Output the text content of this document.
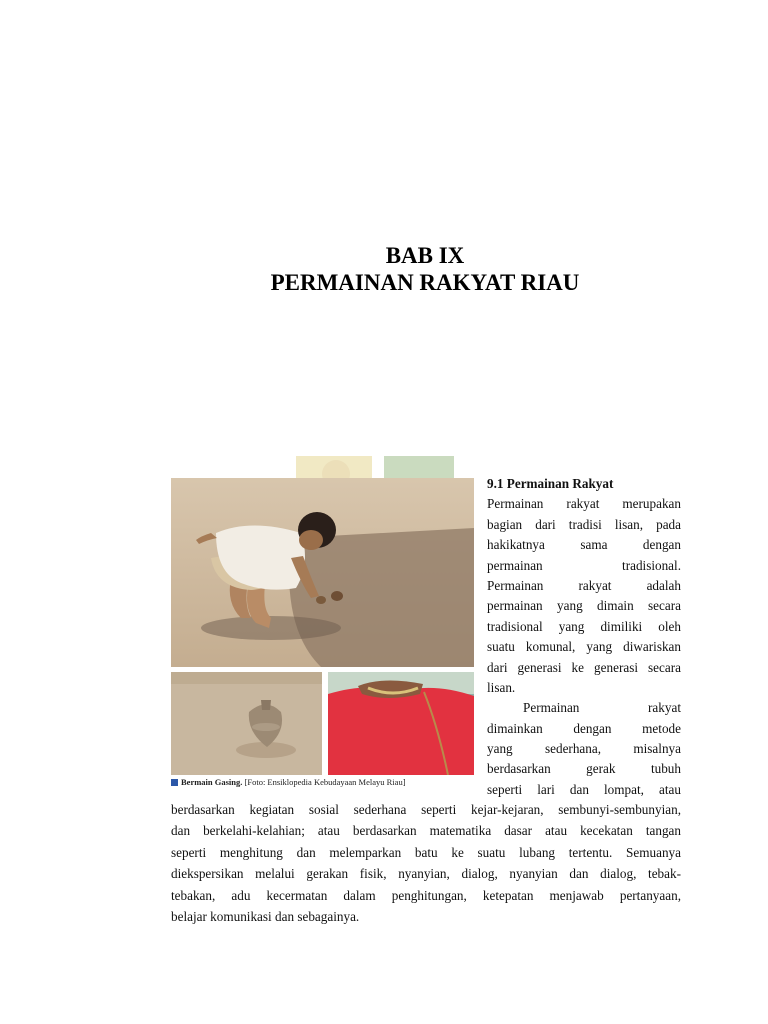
BAB IX
PERMAINAN RAKYAT RIAU
Bermain Gasing. [Foto: Ensiklopedia Kebudayaan Melayu Riau]
9.1 Permainan Rakyat
Permainan rakyat merupakan
bagian dari tradisi lisan, pada
hakikatnya sama dengan
permainan tradisional.
Permainan rakyat adalah
permainan yang dimain secara
tradisional yang dimiliki oleh
suatu komunal, yang diwariskan
dari generasi ke generasi secara
lisan.
Permainan rakyat
dimainkan dengan metode
yang sederhana, misalnya
berdasarkan gerak tubuh
seperti lari dan lompat, atau
berdasarkan kegiatan sosial sederhana seperti kejar-kejaran, sembunyi-sembunyian,
dan berkelahi-kelahian; atau berdasarkan matematika dasar atau kecekatan tangan
seperti menghitung dan melemparkan batu ke suatu lubang tertentu. Semuanya
diekspersikan melalui gerakan fisik, nyanyian, dialog, nyanyian dan dialog, tebak-
tebakan, adu kecermatan dalam penghitungan, ketepatan menjawab pertanyaan,
belajar komunikasi dan sebagainya.
